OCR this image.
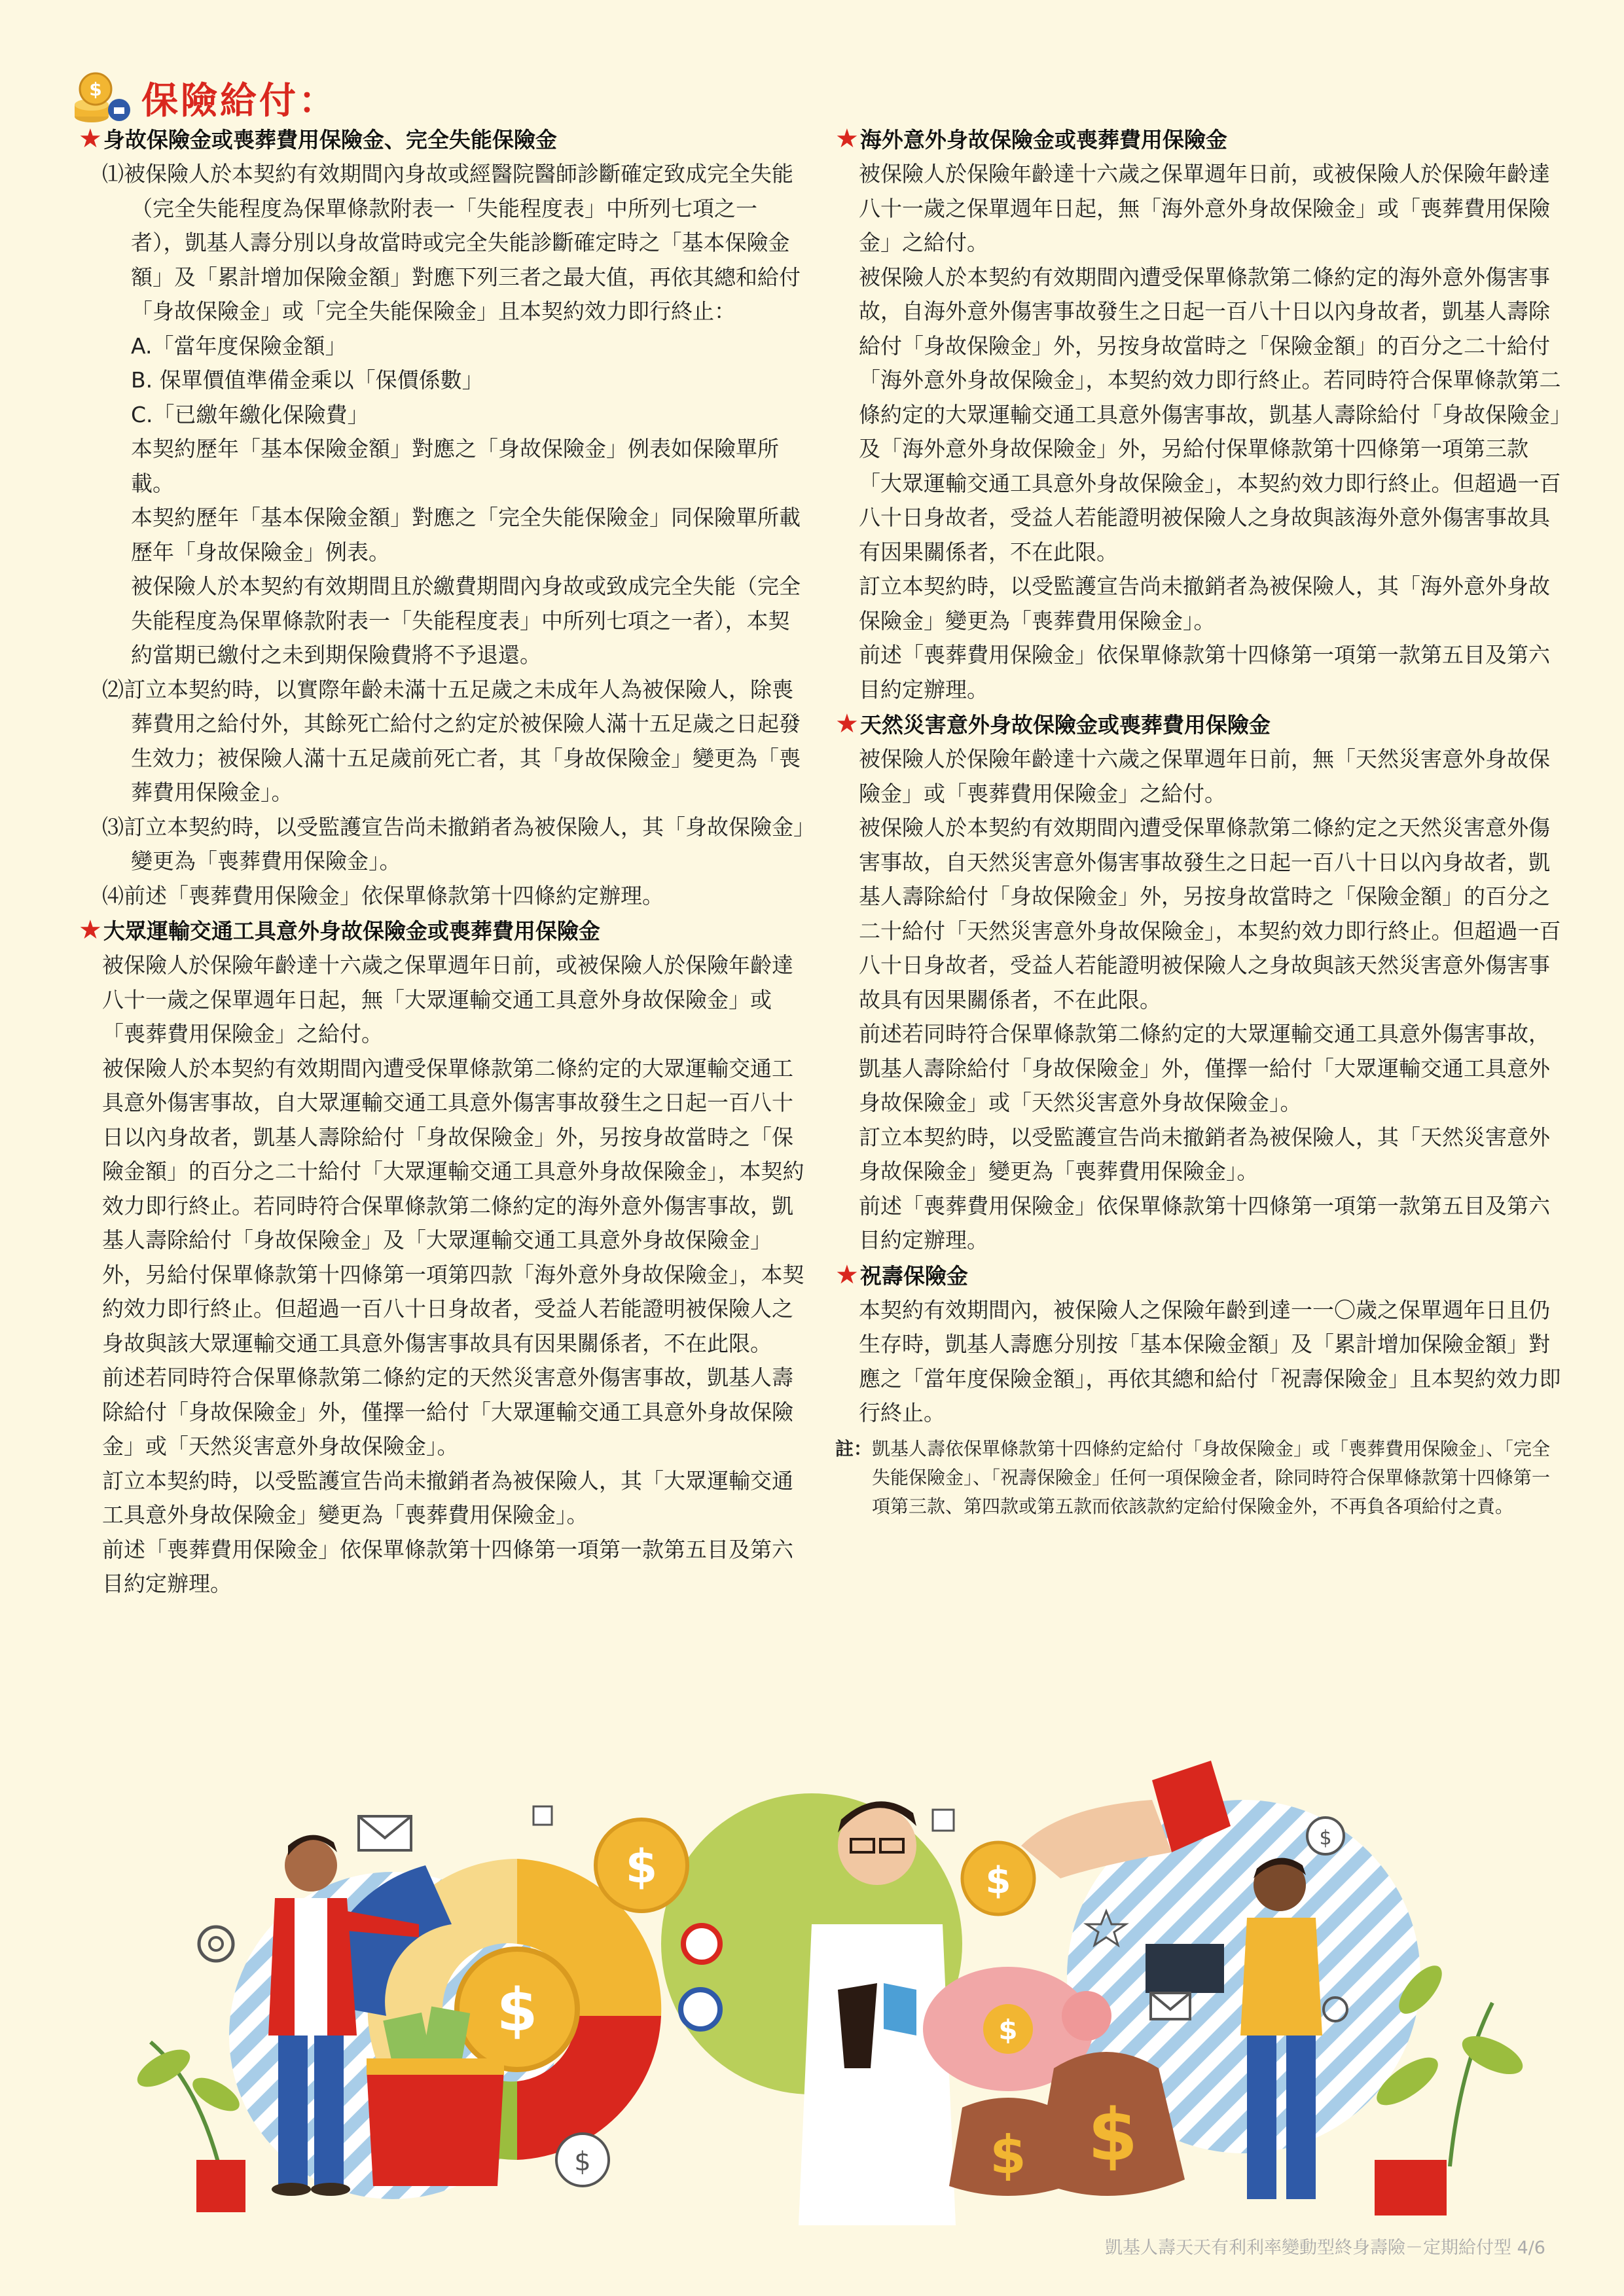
$ 保險給付：
★身故保險金或喪葬費用保險金、完全失能保險金

⑴被保險人於本契約有效期間內身故或經醫院醫師診斷確定致成完全失能（完全失能程度為保單條款附表一「失能程度表」中所列七項之一者），凱基人壽分別以身故當時或完全失能診斷確定時之「基本保險金額」及「累計增加保險金額」對應下列三者之最大值，再依其總和給付「身故保險金」或「完全失能保險金」且本契約效力即行終止：

A.「當年度保險金額」

B. 保單價值準備金乘以「保價係數」

C.「已繳年繳化保險費」

本契約歷年「基本保險金額」對應之「身故保險金」例表如保險單所載。

本契約歷年「基本保險金額」對應之「完全失能保險金」同保險單所載歷年「身故保險金」例表。

被保險人於本契約有效期間且於繳費期間內身故或致成完全失能（完全失能程度為保單條款附表一「失能程度表」中所列七項之一者），本契約當期已繳付之未到期保險費將不予退還。

⑵訂立本契約時，以實際年齡未滿十五足歲之未成年人為被保險人，除喪葬費用之給付外，其餘死亡給付之約定於被保險人滿十五足歲之日起發生效力；被保險人滿十五足歲前死亡者，其「身故保險金」變更為「喪葬費用保險金」。

⑶訂立本契約時，以受監護宣告尚未撤銷者為被保險人，其「身故保險金」變更為「喪葬費用保險金」。

⑷前述「喪葬費用保險金」依保單條款第十四條約定辦理。

★大眾運輸交通工具意外身故保險金或喪葬費用保險金

被保險人於保險年齡達十六歲之保單週年日前，或被保險人於保險年齡達八十一歲之保單週年日起，無「大眾運輸交通工具意外身故保險金」或「喪葬費用保險金」之給付。

被保險人於本契約有效期間內遭受保單條款第二條約定的大眾運輸交通工具意外傷害事故，自大眾運輸交通工具意外傷害事故發生之日起一百八十日以內身故者，凱基人壽除給付「身故保險金」外，另按身故當時之「保險金額」的百分之二十給付「大眾運輸交通工具意外身故保險金」，本契約效力即行終止。若同時符合保單條款第二條約定的海外意外傷害事故，凱基人壽除給付「身故保險金」及「大眾運輸交通工具意外身故保險金」外，另給付保單條款第十四條第一項第四款「海外意外身故保險金」，本契約效力即行終止。但超過一百八十日身故者，受益人若能證明被保險人之身故與該大眾運輸交通工具意外傷害事故具有因果關係者，不在此限。

前述若同時符合保單條款第二條約定的天然災害意外傷害事故，凱基人壽除給付「身故保險金」外，僅擇一給付「大眾運輸交通工具意外身故保險金」或「天然災害意外身故保險金」。

訂立本契約時，以受監護宣告尚未撤銷者為被保險人，其「大眾運輸交通工具意外身故保險金」變更為「喪葬費用保險金」。

前述「喪葬費用保險金」依保單條款第十四條第一項第一款第五目及第六目約定辦理。

★海外意外身故保險金或喪葬費用保險金

被保險人於保險年齡達十六歲之保單週年日前，或被保險人於保險年齡達八十一歲之保單週年日起，無「海外意外身故保險金」或「喪葬費用保險金」之給付。

被保險人於本契約有效期間內遭受保單條款第二條約定的海外意外傷害事故，自海外意外傷害事故發生之日起一百八十日以內身故者，凱基人壽除給付「身故保險金」外，另按身故當時之「保險金額」的百分之二十給付「海外意外身故保險金」，本契約效力即行終止。若同時符合保單條款第二條約定的大眾運輸交通工具意外傷害事故，凱基人壽除給付「身故保險金」及「海外意外身故保險金」外，另給付保單條款第十四條第一項第三款「大眾運輸交通工具意外身故保險金」，本契約效力即行終止。但超過一百八十日身故者，受益人若能證明被保險人之身故與該海外意外傷害事故具有因果關係者，不在此限。

訂立本契約時，以受監護宣告尚未撤銷者為被保險人，其「海外意外身故保險金」變更為「喪葬費用保險金」。

前述「喪葬費用保險金」依保單條款第十四條第一項第一款第五目及第六目約定辦理。

★天然災害意外身故保險金或喪葬費用保險金

被保險人於保險年齡達十六歲之保單週年日前，無「天然災害意外身故保險金」或「喪葬費用保險金」之給付。

被保險人於本契約有效期間內遭受保單條款第二條約定之天然災害意外傷害事故，自天然災害意外傷害事故發生之日起一百八十日以內身故者，凱基人壽除給付「身故保險金」外，另按身故當時之「保險金額」的百分之二十給付「天然災害意外身故保險金」，本契約效力即行終止。但超過一百八十日身故者，受益人若能證明被保險人之身故與該天然災害意外傷害事故具有因果關係者，不在此限。

前述若同時符合保單條款第二條約定的大眾運輸交通工具意外傷害事故，凱基人壽除給付「身故保險金」外，僅擇一給付「大眾運輸交通工具意外身故保險金」或「天然災害意外身故保險金」。

訂立本契約時，以受監護宣告尚未撤銷者為被保險人，其「天然災害意外身故保險金」變更為「喪葬費用保險金」。

前述「喪葬費用保險金」依保單條款第十四條第一項第一款第五目及第六目約定辦理。

★祝壽保險金

本契約有效期間內，被保險人之保險年齡到達一一〇歲之保單週年日且仍生存時，凱基人壽應分別按「基本保險金額」及「累計增加保險金額」對應之「當年度保險金額」，再依其總和給付「祝壽保險金」且本契約效力即行終止。

註：凱基人壽依保單條款第十四條約定給付「身故保險金」或「喪葬費用保險金」、「完全失能保險金」、「祝壽保險金」任何一項保險金者，除同時符合保單條款第十四條第一項第三款、第四款或第五款而依該款約定給付保險金外，不再負各項給付之責。
$
$	$
$
$
$
$
$
凱基人壽天天有利利率變動型終身壽險－定期給付型 4/6
